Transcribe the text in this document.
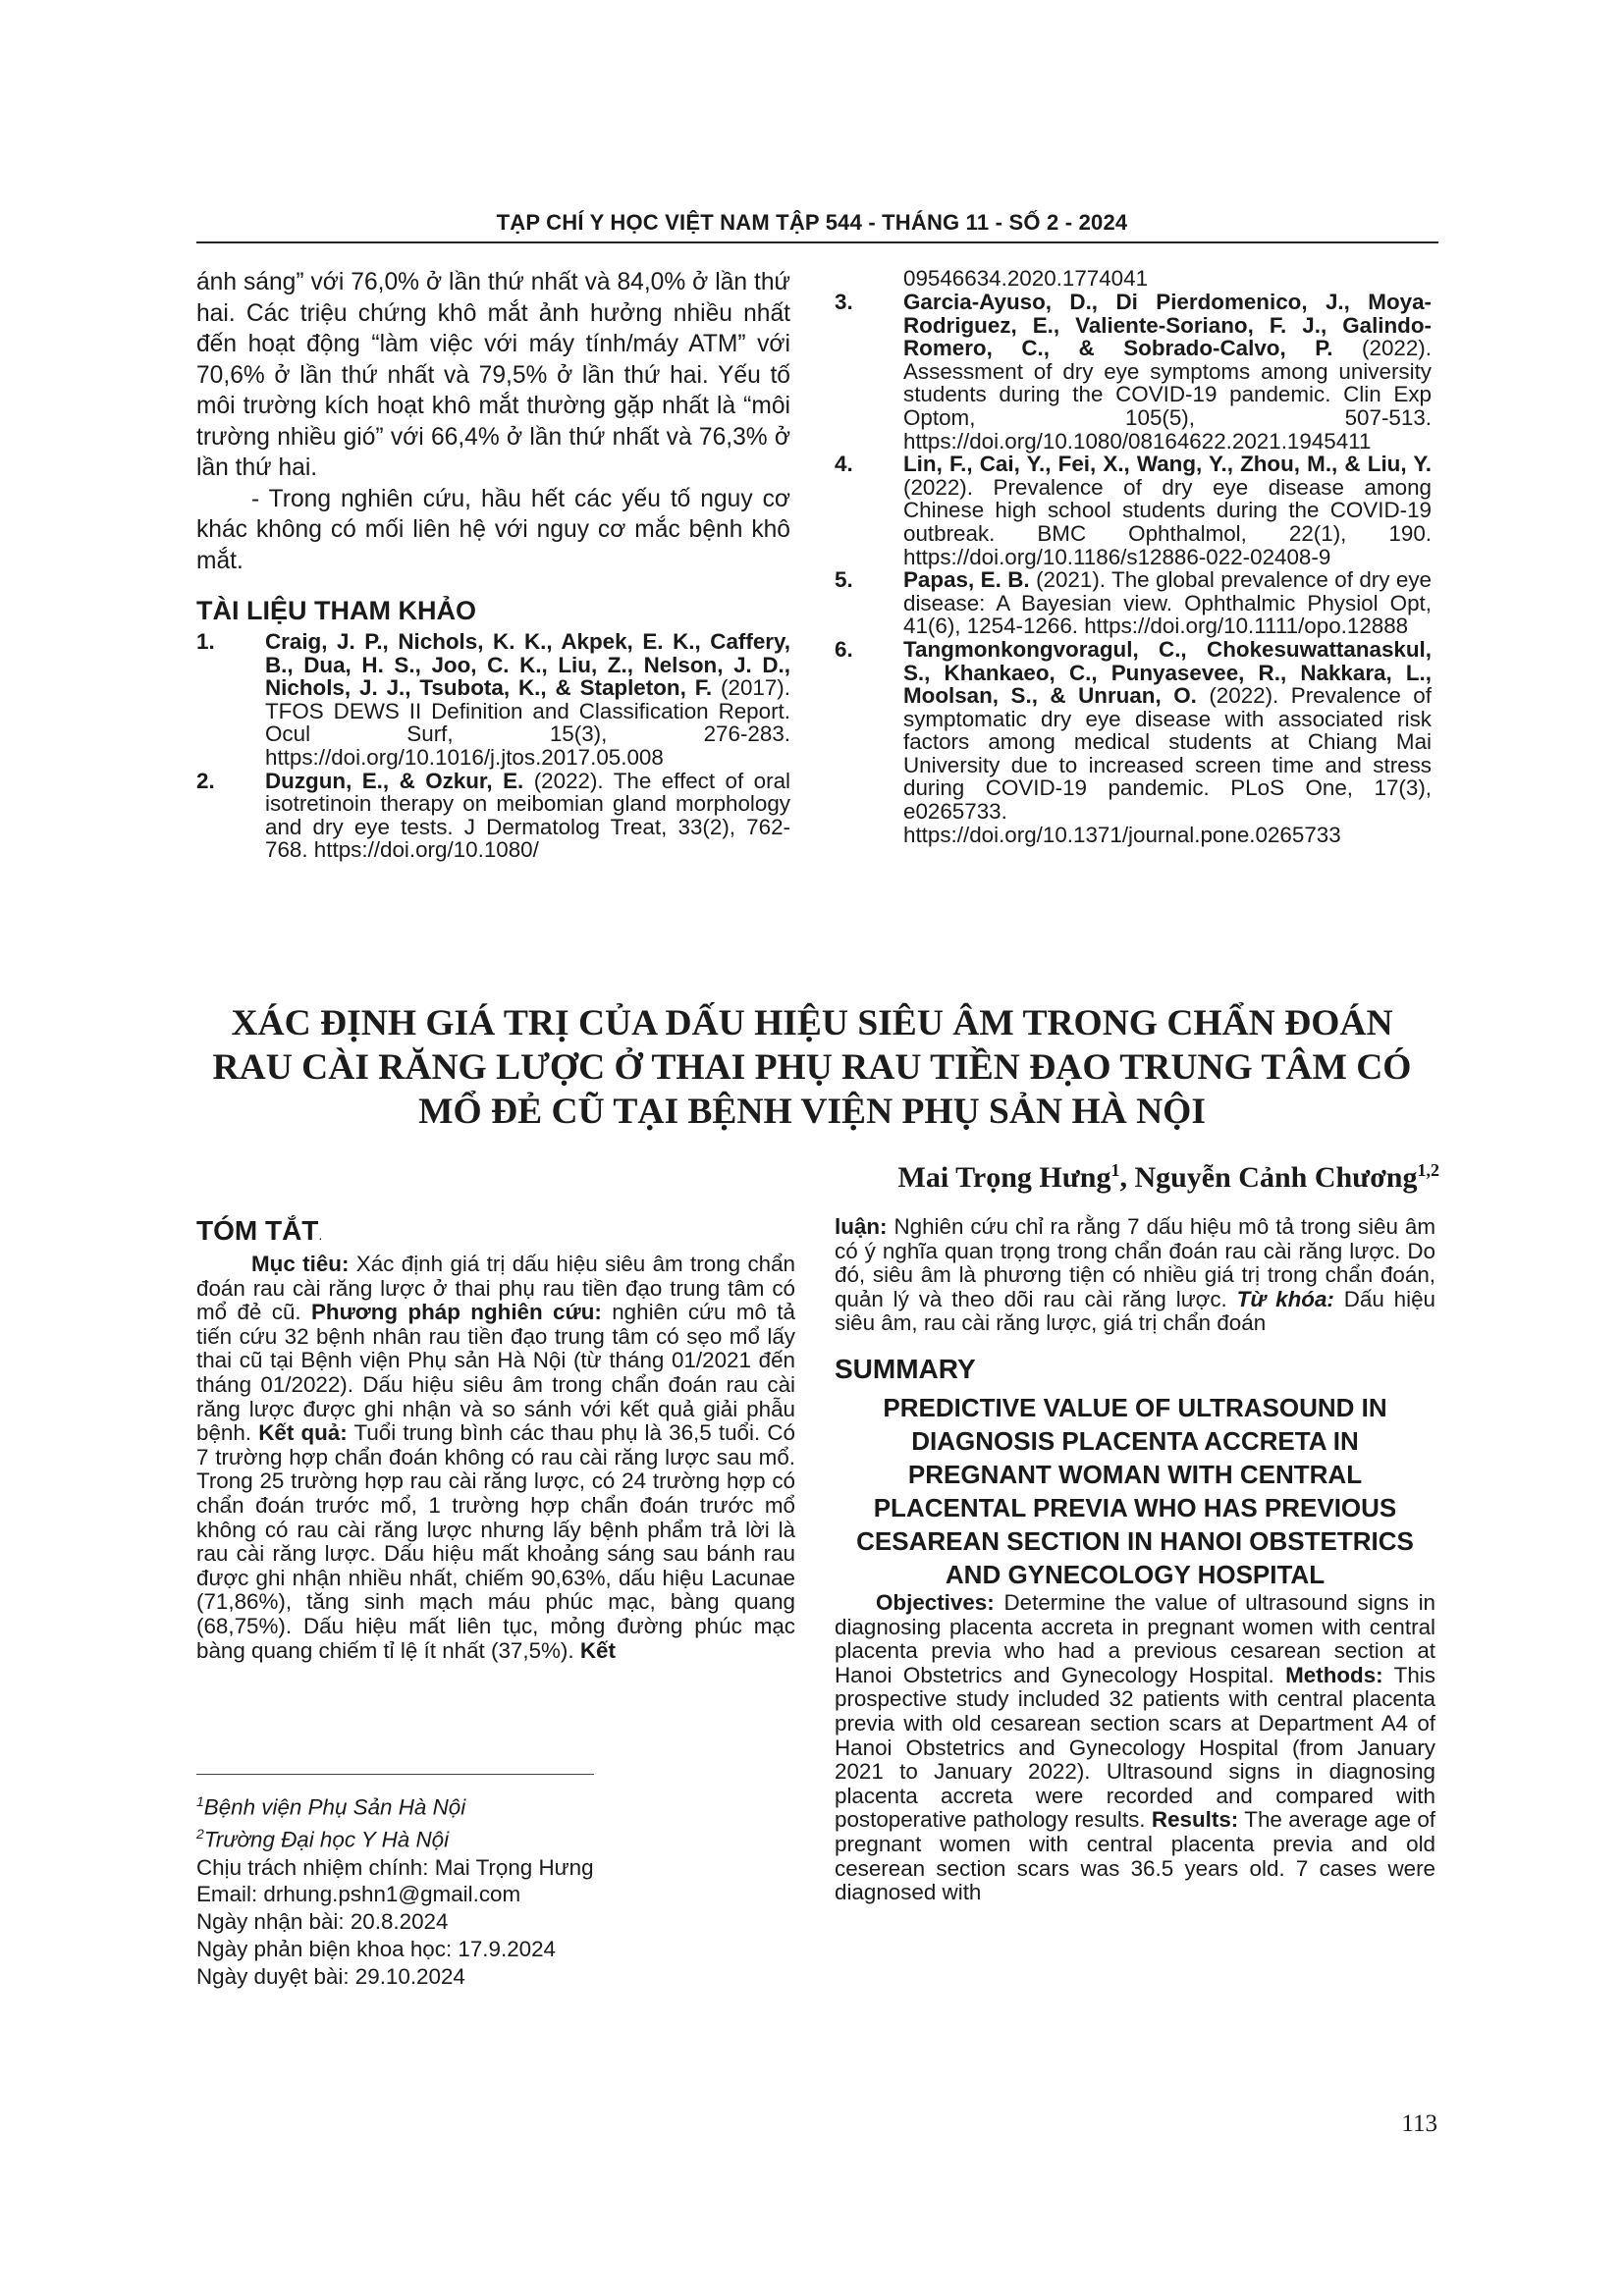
TẠP CHÍ Y HỌC VIỆT NAM TẬP 544 - THÁNG 11 - SỐ 2 - 2024

ánh sáng” với 76,0% ở lần thứ nhất và 84,0% ở lần thứ hai. Các triệu chứng khô mắt ảnh hưởng nhiều nhất đến hoạt động “làm việc với máy tính/máy ATM” với 70,6% ở lần thứ nhất và 79,5% ở lần thứ hai. Yếu tố môi trường kích hoạt khô mắt thường gặp nhất là “môi trường nhiều gió” với 66,4% ở lần thứ nhất và 76,3% ở lần thứ hai.

- Trong nghiên cứu, hầu hết các yếu tố nguy cơ khác không có mối liên hệ với nguy cơ mắc bệnh khô mắt.

TÀI LIỆU THAM KHẢO
1. Craig, J. P., Nichols, K. K., Akpek, E. K., Caffery, B., Dua, H. S., Joo, C. K., Liu, Z., Nelson, J. D., Nichols, J. J., Tsubota, K., & Stapleton, F. (2017). TFOS DEWS II Definition and Classification Report. Ocul Surf, 15(3), 276-283. https://doi.org/10.1016/j.jtos.2017.05.008
2. Duzgun, E., & Ozkur, E. (2022). The effect of oral isotretinoin therapy on meibomian gland morphology and dry eye tests. J Dermatolog Treat, 33(2), 762-768. https://doi.org/10.1080/

09546634.2020.1774041

3. Garcia-Ayuso, D., Di Pierdomenico, J., Moya-Rodriguez, E., Valiente-Soriano, F. J., Galindo-Romero, C., & Sobrado-Calvo, P. (2022). Assessment of dry eye symptoms among university students during the COVID-19 pandemic. Clin Exp Optom, 105(5), 507-513. https://doi.org/10.1080/08164622.2021.1945411
4. Lin, F., Cai, Y., Fei, X., Wang, Y., Zhou, M., & Liu, Y. (2022). Prevalence of dry eye disease among Chinese high school students during the COVID-19 outbreak. BMC Ophthalmol, 22(1), 190. https://doi.org/10.1186/s12886-022-02408-9
5. Papas, E. B. (2021). The global prevalence of dry eye disease: A Bayesian view. Ophthalmic Physiol Opt, 41(6), 1254-1266. https://doi.org/10.1111/opo.12888
6. Tangmonkongvoragul, C., Chokesuwattanaskul, S., Khankaeo, C., Punyasevee, R., Nakkara, L., Moolsan, S., & Unruan, O. (2022). Prevalence of symptomatic dry eye disease with associated risk factors among medical students at Chiang Mai University due to increased screen time and stress during COVID-19 pandemic. PLoS One, 17(3), e0265733. https://doi.org/10.1371/journal.pone.0265733
XÁC ĐỊNH GIÁ TRỊ CỦA DẤU HIỆU SIÊU ÂM TRONG CHẨN ĐOÁN RAU CÀI RĂNG LƯỢC Ở THAI PHỤ RAU TIỀN ĐẠO TRUNG TÂM CÓ MỔ ĐẺ CŨ TẠI BỆNH VIỆN PHỤ SẢN HÀ NỘI
Mai Trọng Hưng$^1$, Nguyễn Cảnh Chương$^{1,2}$
TÓM TẮT.

Mục tiêu: Xác định giá trị dấu hiệu siêu âm trong chẩn đoán rau cài răng lược ở thai phụ rau tiền đạo trung tâm có mổ đẻ cũ. Phương pháp nghiên cứu: nghiên cứu mô tả tiến cứu 32 bệnh nhân rau tiền đạo trung tâm có sẹo mổ lấy thai cũ tại Bệnh viện Phụ sản Hà Nội (từ tháng 01/2021 đến tháng 01/2022). Dấu hiệu siêu âm trong chẩn đoán rau cài răng lược được ghi nhận và so sánh với kết quả giải phẫu bệnh. Kết quả: Tuổi trung bình các thau phụ là 36,5 tuổi. Có 7 trường hợp chẩn đoán không có rau cài răng lược sau mổ. Trong 25 trường hợp rau cài răng lược, có 24 trường hợp có chẩn đoán trước mổ, 1 trường hợp chẩn đoán trước mổ không có rau cài răng lược nhưng lấy bệnh phẩm trả lời là rau cài răng lược. Dấu hiệu mất khoảng sáng sau bánh rau được ghi nhận nhiều nhất, chiếm 90,63%, dấu hiệu Lacunae (71,86%), tăng sinh mạch máu phúc mạc, bàng quang (68,75%). Dấu hiệu mất liên tục, mỏng đường phúc mạc bàng quang chiếm tỉ lệ ít nhất (37,5%). Kết

$^1$Bệnh viện Phụ Sản Hà Nội

$^2$Trường Đại học Y Hà Nội

Chịu trách nhiệm chính: Mai Trọng Hưng

Email: drhung.pshn1@gmail.com

Ngày nhận bài: 20.8.2024

Ngày phản biện khoa học: 17.9.2024

Ngày duyệt bài: 29.10.2024

luận: Nghiên cứu chỉ ra rằng 7 dấu hiệu mô tả trong siêu âm có ý nghĩa quan trọng trong chẩn đoán rau cài răng lược. Do đó, siêu âm là phương tiện có nhiều giá trị trong chẩn đoán, quản lý và theo dõi rau cài răng lược. Từ khóa: Dấu hiệu siêu âm, rau cài răng lược, giá trị chẩn đoán

SUMMARY

PREDICTIVE VALUE OF ULTRASOUND IN DIAGNOSIS PLACENTA ACCRETA IN PREGNANT WOMAN WITH CENTRAL PLACENTAL PREVIA WHO HAS PREVIOUS CESAREAN SECTION IN HANOI OBSTETRICS AND GYNECOLOGY HOSPITAL

Objectives: Determine the value of ultrasound signs in diagnosing placenta accreta in pregnant women with central placenta previa who had a previous cesarean section at Hanoi Obstetrics and Gynecology Hospital. Methods: This prospective study included 32 patients with central placenta previa with old cesarean section scars at Department A4 of Hanoi Obstetrics and Gynecology Hospital (from January 2021 to January 2022). Ultrasound signs in diagnosing placenta accreta were recorded and compared with postoperative pathology results. Results: The average age of pregnant women with central placenta previa and old ceserean section scars was 36.5 years old. 7 cases were diagnosed with

113
